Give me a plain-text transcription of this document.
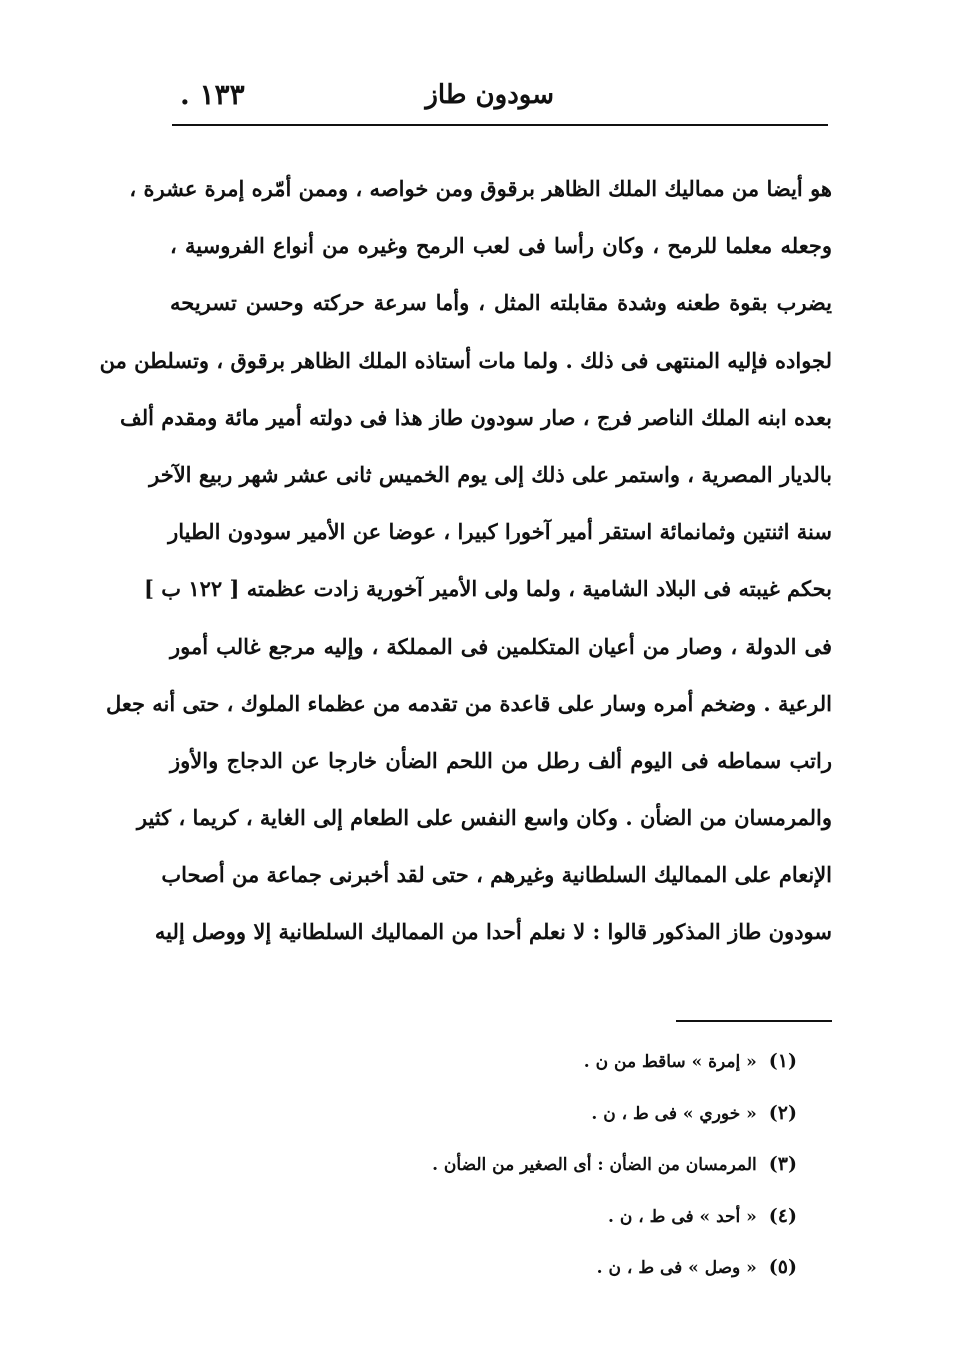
سودون طاز
١٣٣ .
هو أيضا من مماليك الملك الظاهر برقوق ومن خواصه ، وممن أمّره إمرة عشرة ،
وجعله معلما للرمح ، وكان رأسا فى لعب الرمح وغيره من أنواع الفروسية ،
يضرب بقوة طعنه وشدة مقابلته المثل ، وأما سرعة حركته وحسن تسريحه
لجواده فإليه المنتهى فى ذلك . ولما مات أستاذه الملك الظاهر برقوق ، وتسلطن من
بعده ابنه الملك الناصر فرج ، صار سودون طاز هذا فى دولته أمير مائة ومقدم ألف
بالديار المصرية ، واستمر على ذلك إلى يوم الخميس ثانى عشر شهر ربيع الآخر
سنة اثنتين وثمانمائة استقر أمير آخورا كبيرا ، عوضا عن الأمير سودون الطيار
بحكم غيبته فى البلاد الشامية ، ولما ولى الأمير آخورية زادت عظمته [ ١٢٢ ب ]
فى الدولة ، وصار من أعيان المتكلمين فى المملكة ، وإليه مرجع غالب أمور
الرعية . وضخم أمره وسار على قاعدة من تقدمه من عظماء الملوك ، حتى أنه جعل
راتب سماطه فى اليوم ألف رطل من اللحم الضأن خارجا عن الدجاج والأوز
والمرمسان من الضأن . وكان واسع النفس على الطعام إلى الغاية ، كريما ، كثير
الإنعام على المماليك السلطانية وغيرهم ، حتى لقد أخبرنى جماعة من أصحاب
سودون طاز المذكور قالوا : لا نعلم أحدا من المماليك السلطانية إلا ووصل إليه
(١)« إمرة » ساقط من ن .
(٢)« خوري » فى ط ، ن .
(٣)المرمسان من الضأن : أى الصغير من الضأن .
(٤)« أحد » فى ط ، ن .
(٥)« وصل » فى ط ، ن .
